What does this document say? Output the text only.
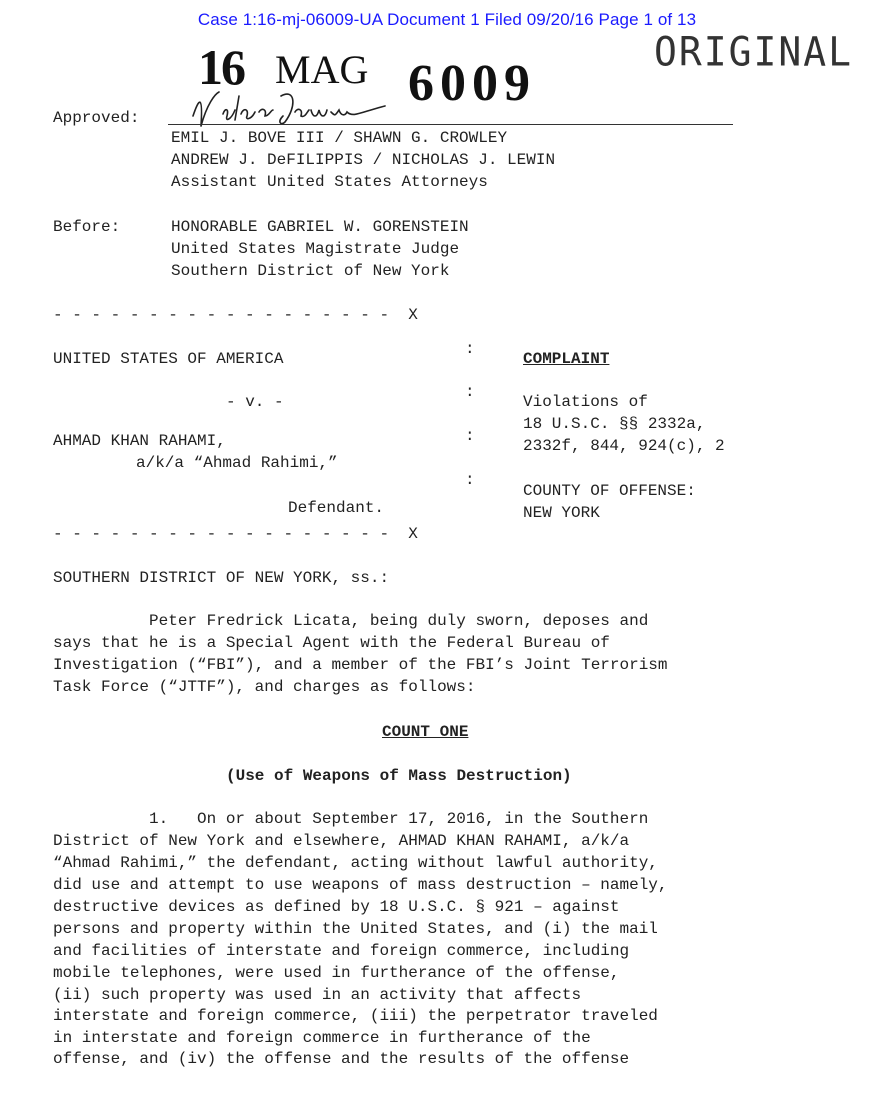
Case 1:16-mj-06009-UA Document 1 Filed 09/20/16 Page 1 of 13
16 MAG 6009
ORIGINAL
Approved:
EMIL J. BOVE III / SHAWN G. CROWLEY
ANDREW J. DeFILIPPIS / NICHOLAS J. LEWIN
Assistant United States Attorneys
Before:	HONORABLE GABRIEL W. GORENSTEIN
United States Magistrate Judge
Southern District of New York
- - - - - - - - - - - - - - - - - -  X
:
:
:
:
UNITED STATES OF AMERICA
- v. -
AHMAD KHAN RAHAMI,
a/k/a “Ahmad Rahimi,”
Defendant.
COMPLAINT
Violations of
18 U.S.C. §§ 2332a,
2332f, 844, 924(c), 2
COUNTY OF OFFENSE:
NEW YORK
- - - - - - - - - - - - - - - - - -  X
SOUTHERN DISTRICT OF NEW YORK, ss.:
Peter Fredrick Licata, being duly sworn, deposes and
says that he is a Special Agent with the Federal Bureau of
Investigation (“FBI”), and a member of the FBI’s Joint Terrorism
Task Force (“JTTF”), and charges as follows:
COUNT ONE
(Use of Weapons of Mass Destruction)
1.   On or about September 17, 2016, in the Southern
District of New York and elsewhere, AHMAD KHAN RAHAMI, a/k/a
“Ahmad Rahimi,” the defendant, acting without lawful authority,
did use and attempt to use weapons of mass destruction – namely,
destructive devices as defined by 18 U.S.C. § 921 – against
persons and property within the United States, and (i) the mail
and facilities of interstate and foreign commerce, including
mobile telephones, were used in furtherance of the offense,
(ii) such property was used in an activity that affects
interstate and foreign commerce, (iii) the perpetrator traveled
in interstate and foreign commerce in furtherance of the
offense, and (iv) the offense and the results of the offense
